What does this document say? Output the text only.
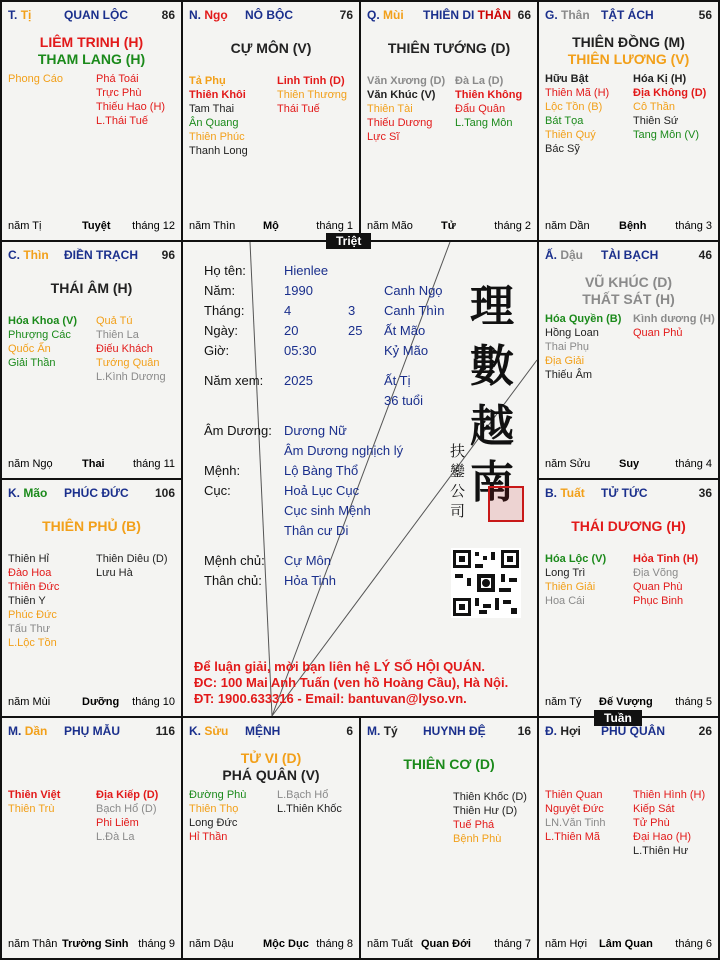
Triệt
Tuần
T. Tị	QUAN LỘC	86
LIÊM TRINH (H)
THAM LANG (H)
Phong Cáo	Phá Toái
Trực Phù
Thiếu Hao (H)
L.Thái Tuế
năm Tị	Tuyệt tháng 12
N. Ngọ NÔ BỘC	76
CỰ MÔN (V)
Tả Phụ
Thiên Khôi
Tam Thai
Ân Quang
Thiên Phúc
Thanh Long
Linh Tinh (D)
Thiên Thương
Thái Tuế
năm Thìn	Mộ	tháng 1
Q. Mùi THIÊN DI THÂN 66
THIÊN TƯỚNG (D)
Văn Xương (D)
Văn Khúc (V)
Thiên Tài
Thiếu Dương
Lực Sĩ
Đà La (D)
Thiên Không
Đẩu Quân
L.Tang Môn
năm Mão	Tử	tháng 2
G. Thân TẬT ÁCH	56
THIÊN ĐỒNG (M)
THIÊN LƯƠNG (V)
Hữu Bật
Thiên Mã (H)
Lộc Tồn (B)
Bát Tọa
Thiên Quý
Bác Sỹ
Hóa Kị (H)
Địa Không (D)
Cô Thần
Thiên Sứ
Tang Môn (V)
năm Dần	Bệnh	tháng 3
C. Thìn ĐIỀN TRẠCH 96
THÁI ÂM (H)
Hóa Khoa (V)
Phượng Các
Quốc Ấn
Giải Thần
Quả Tú
Thiên La
Điếu Khách
Tướng Quân
L.Kình Dương
năm Ngọ	Thai	tháng 11
Ấ. Dậu TÀI BẠCH	46
VŨ KHÚC (D)
THẤT SÁT (H)
Hóa Quyền (B)
Hồng Loan
Thai Phụ
Địa Giải
Thiếu Âm
Kình dương (H)
Quan Phủ
năm Sửu	Suy	tháng 4
K. Mão PHÚC ĐỨC 106
THIÊN PHỦ (B)
Thiên Hỉ
Đào Hoa
Thiên Đức
Thiên Y
Phúc Đức
Tấu Thư
L.Lộc Tồn
Thiên Diêu (D)
Lưu Hà
năm Mùi	Dưỡng tháng 10
B. Tuất TỬ TỨC	36
THÁI DƯƠNG (H)
Hóa Lộc (V)
Long Trì
Thiên Giải
Hoa Cái
Hỏa Tinh (H)
Địa Võng
Quan Phù
Phục Binh
năm Tý Đế Vượng tháng 5
M. Dần PHỤ MẪU	116
Thiên Việt
Thiên Trù
Địa Kiếp (D)
Bạch Hổ (D)
Phi Liêm
L.Đà La
năm Thân Trường Sinh tháng 9
K. Sửu MỆNH	6
TỬ VI (D)
PHÁ QUÂN (V)
Đường Phù
Thiên Thọ
Long Đức
Hỉ Thần
L.Bạch Hổ
L.Thiên Khốc
năm Dậu	Mộc Dục tháng 8
M. Tý HUYNH ĐỆ	16
THIÊN CƠ (D)
Thiên Khốc (D)
Thiên Hư (D)
Tuế Phá
Bệnh Phù
năm Tuất Quan Đới tháng 7
Đ. Hợi PHU QUÂN	26
Thiên Quan
Nguyệt Đức
LN.Văn Tinh
L.Thiên Mã
Thiên Hình (H)
Kiếp Sát
Tử Phù
Đại Hao (H)
L.Thiên Hư
năm Hợi Lâm Quan tháng 6
Họ tên:	Hienlee
Năm:	1990	Canh Ngọ
Tháng:	4	3 Canh Thìn
Ngày:	20	25 Ất Mão
Giờ:	05:30	Kỷ Mão
Năm xem: 2025	Ất Tị
36 tuổi
Âm Dương: Dương Nữ
Âm Dương nghịch lý
Mệnh:	Lộ Bàng Thổ
Cục:	Hoả Lục Cục
Cục sinh Mệnh
Thân cư Di
Mệnh chủ: Cự Môn
Thân chủ: Hỏa Tinh
理
數
越
南
扶
鑾
公
司
Để luận giải, mời bạn liên hệ LÝ SỐ HỘI QUÁN.
ĐC: 100 Mai Anh Tuấn (ven hồ Hoàng Cầu), Hà Nội.
ĐT: 1900.633316 - Email: bantuvan@lyso.vn.
